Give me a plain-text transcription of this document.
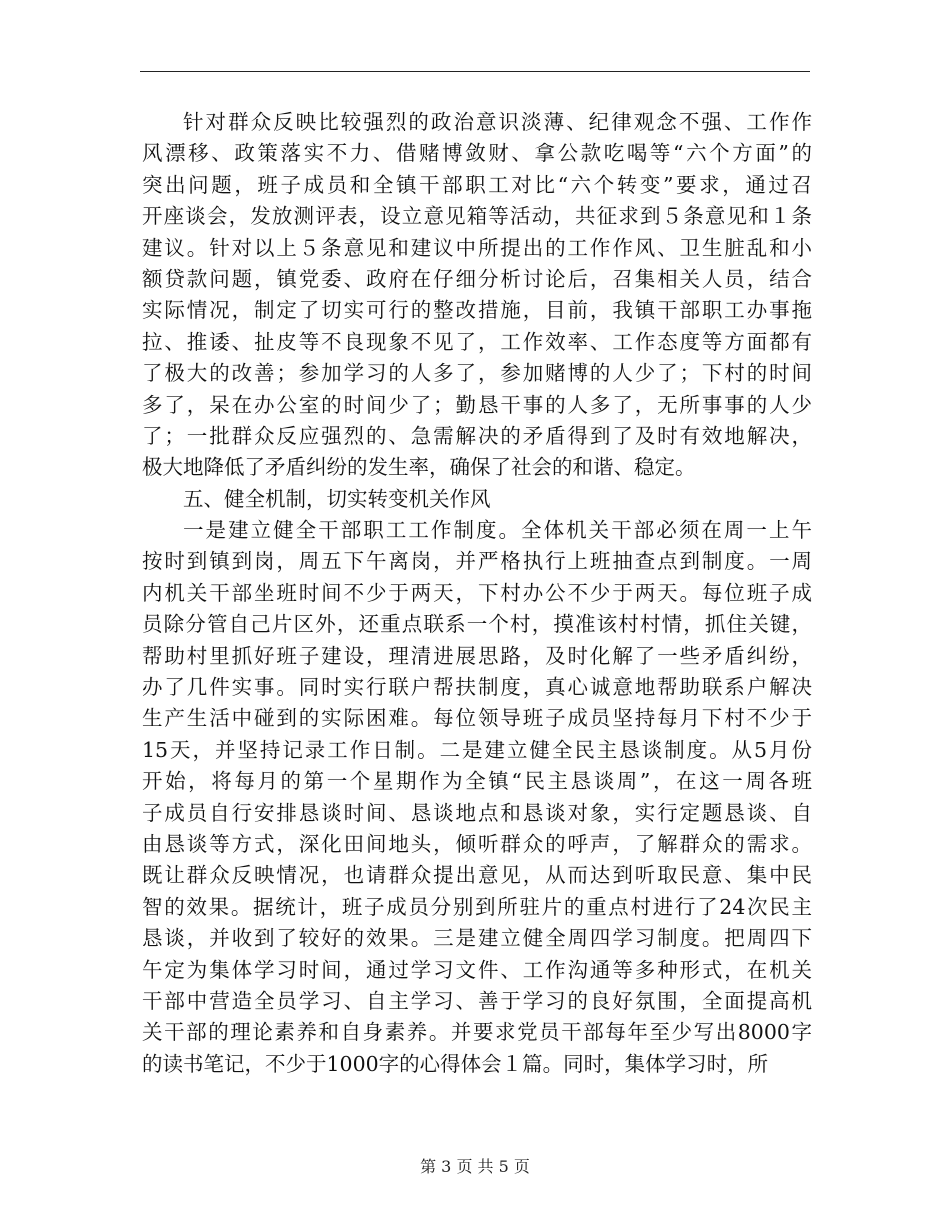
针对群众反映比较强烈的政治意识淡薄、纪律观念不强、工作作
风漂移、政策落实不力、借赌博敛财、拿公款吃喝等“六个方面”的
突出问题，班子成员和全镇干部职工对比“六个转变”要求，通过召
开座谈会，发放测评表，设立意见箱等活动，共征求到５条意见和１条
建议。针对以上５条意见和建议中所提出的工作作风、卫生脏乱和小
额贷款问题，镇党委、政府在仔细分析讨论后，召集相关人员，结合
实际情况，制定了切实可行的整改措施，目前，我镇干部职工办事拖
拉、推诿、扯皮等不良现象不见了，工作效率、工作态度等方面都有
了极大的改善；参加学习的人多了，参加赌博的人少了；下村的时间
多了，呆在办公室的时间少了；勤恳干事的人多了，无所事事的人少
了；一批群众反应强烈的、急需解决的矛盾得到了及时有效地解决，
极大地降低了矛盾纠纷的发生率，确保了社会的和谐、稳定。
五、健全机制，切实转变机关作风
一是建立健全干部职工工作制度。全体机关干部必须在周一上午
按时到镇到岗，周五下午离岗，并严格执行上班抽查点到制度。一周
内机关干部坐班时间不少于两天，下村办公不少于两天。每位班子成
员除分管自己片区外，还重点联系一个村，摸准该村村情，抓住关键，
帮助村里抓好班子建设，理清进展思路，及时化解了一些矛盾纠纷，
办了几件实事。同时实行联户帮扶制度，真心诚意地帮助联系户解决
生产生活中碰到的实际困难。每位领导班子成员坚持每月下村不少于
15天，并坚持记录工作日制。二是建立健全民主恳谈制度。从5月份
开始，将每月的第一个星期作为全镇“民主恳谈周”，在这一周各班
子成员自行安排恳谈时间、恳谈地点和恳谈对象，实行定题恳谈、自
由恳谈等方式，深化田间地头，倾听群众的呼声，了解群众的需求。
既让群众反映情况，也请群众提出意见，从而达到听取民意、集中民
智的效果。据统计，班子成员分别到所驻片的重点村进行了24次民主
恳谈，并收到了较好的效果。三是建立健全周四学习制度。把周四下
午定为集体学习时间，通过学习文件、工作沟通等多种形式，在机关
干部中营造全员学习、自主学习、善于学习的良好氛围，全面提高机
关干部的理论素养和自身素养。并要求党员干部每年至少写出8000字
的读书笔记，不少于1000字的心得体会１篇。同时，集体学习时，所
第 3 页 共 5 页
